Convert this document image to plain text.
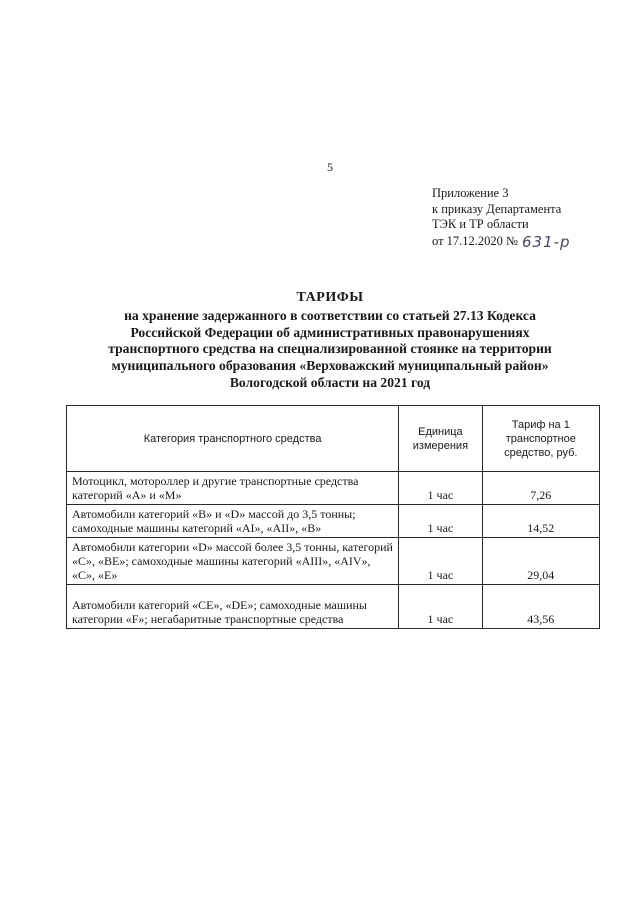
5
Приложение 3
к приказу Департамента
ТЭК и ТР области
от 17.12.2020 № 631-р
ТАРИФЫ
на хранение задержанного в соответствии со статьей 27.13 Кодекса
Российской Федерации об административных правонарушениях
транспортного средства на специализированной стоянке на территории
муниципального образования «Верховажский муниципальный район»
Вологодской области на 2021 год
Категория транспортного средства	Единица измерения	Тариф на 1 транспортное средство, руб.
Мотоцикл, мотороллер и другие транспортные средства категорий «А» и «М»	1 час	7,26
Автомобили категорий «В» и «D» массой до 3,5 тонны; самоходные машины категорий «АI», «АII», «В»	1 час	14,52
Автомобили категории «D» массой более 3,5 тонны, категорий «С», «ВЕ»; самоходные машины категорий «АIII», «АIV», «С», «Е»	1 час	29,04
Автомобили категорий «СЕ», «DE»; самоходные машины категории «F»; негабаритные транспортные средства	1 час	43,56
